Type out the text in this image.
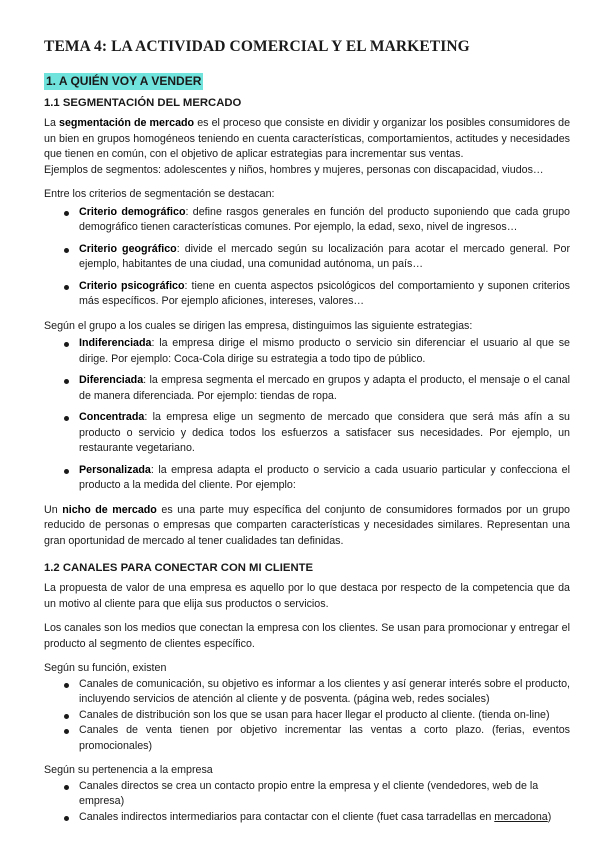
TEMA 4: LA ACTIVIDAD COMERCIAL Y EL MARKETING
1. A QUIÉN VOY A VENDER
1.1 SEGMENTACIÓN DEL MERCADO

La segmentación de mercado es el proceso que consiste en dividir y organizar los posibles consumidores de un bien en grupos homogéneos teniendo en cuenta características, comportamientos, actitudes y necesidades que tienen en común, con el objetivo de aplicar estrategias para incrementar sus ventas.

Ejemplos de segmentos: adolescentes y niños, hombres y mujeres, personas con discapacidad, viudos…

Entre los criterios de segmentación se destacan:

Criterio demográfico: define rasgos generales en función del producto suponiendo que cada grupo demográfico tienen características comunes. Por ejemplo, la edad, sexo, nivel de ingresos…
Criterio geográfico: divide el mercado según su localización para acotar el mercado general. Por ejemplo, habitantes de una ciudad, una comunidad autónoma, un país…
Criterio psicográfico: tiene en cuenta aspectos psicológicos del comportamiento y suponen criterios más específicos. Por ejemplo aficiones, intereses, valores…

Según el grupo a los cuales se dirigen las empresa, distinguimos las siguiente estrategias:

Indiferenciada: la empresa dirige el mismo producto o servicio sin diferenciar el usuario al que se dirige. Por ejemplo: Coca-Cola dirige su estrategia a todo tipo de público.
Diferenciada: la empresa segmenta el mercado en grupos y adapta el producto, el mensaje o el canal de manera diferenciada. Por ejemplo: tiendas de ropa.
Concentrada: la empresa elige un segmento de mercado que considera que será más afín a su producto o servicio y dedica todos los esfuerzos a satisfacer sus necesidades. Por ejemplo, un restaurante vegetariano.
Personalizada: la empresa adapta el producto o servicio a cada usuario particular y confecciona el producto a la medida del cliente. Por ejemplo:

Un nicho de mercado es una parte muy específica del conjunto de consumidores formados por un grupo reducido de personas o empresas que comparten características y necesidades similares. Representan una gran oportunidad de mercado al tener cualidades tan definidas.

1.2 CANALES PARA CONECTAR CON MI CLIENTE

La propuesta de valor de una empresa es aquello por lo que destaca por respecto de la competencia que da un motivo al cliente para que elija sus productos o servicios.

Los canales son los medios que conectan la empresa con los clientes. Se usan para promocionar y entregar el producto al segmento de clientes específico.

Según su función, existen

Canales de comunicación, su objetivo es informar a los clientes y así generar interés sobre el producto, incluyendo servicios de atención al cliente y de posventa. (página web, redes sociales)
Canales de distribución son los que se usan para hacer llegar el producto al cliente. (tienda on-line)
Canales de venta tienen por objetivo incrementar las ventas a corto plazo. (ferias, eventos promocionales)

Según su pertenencia a la empresa

Canales directos se crea un contacto propio entre la empresa y el cliente (vendedores, web de la empresa)
Canales indirectos intermediarios para contactar con el cliente (fuet casa tarradellas en mercadona)
